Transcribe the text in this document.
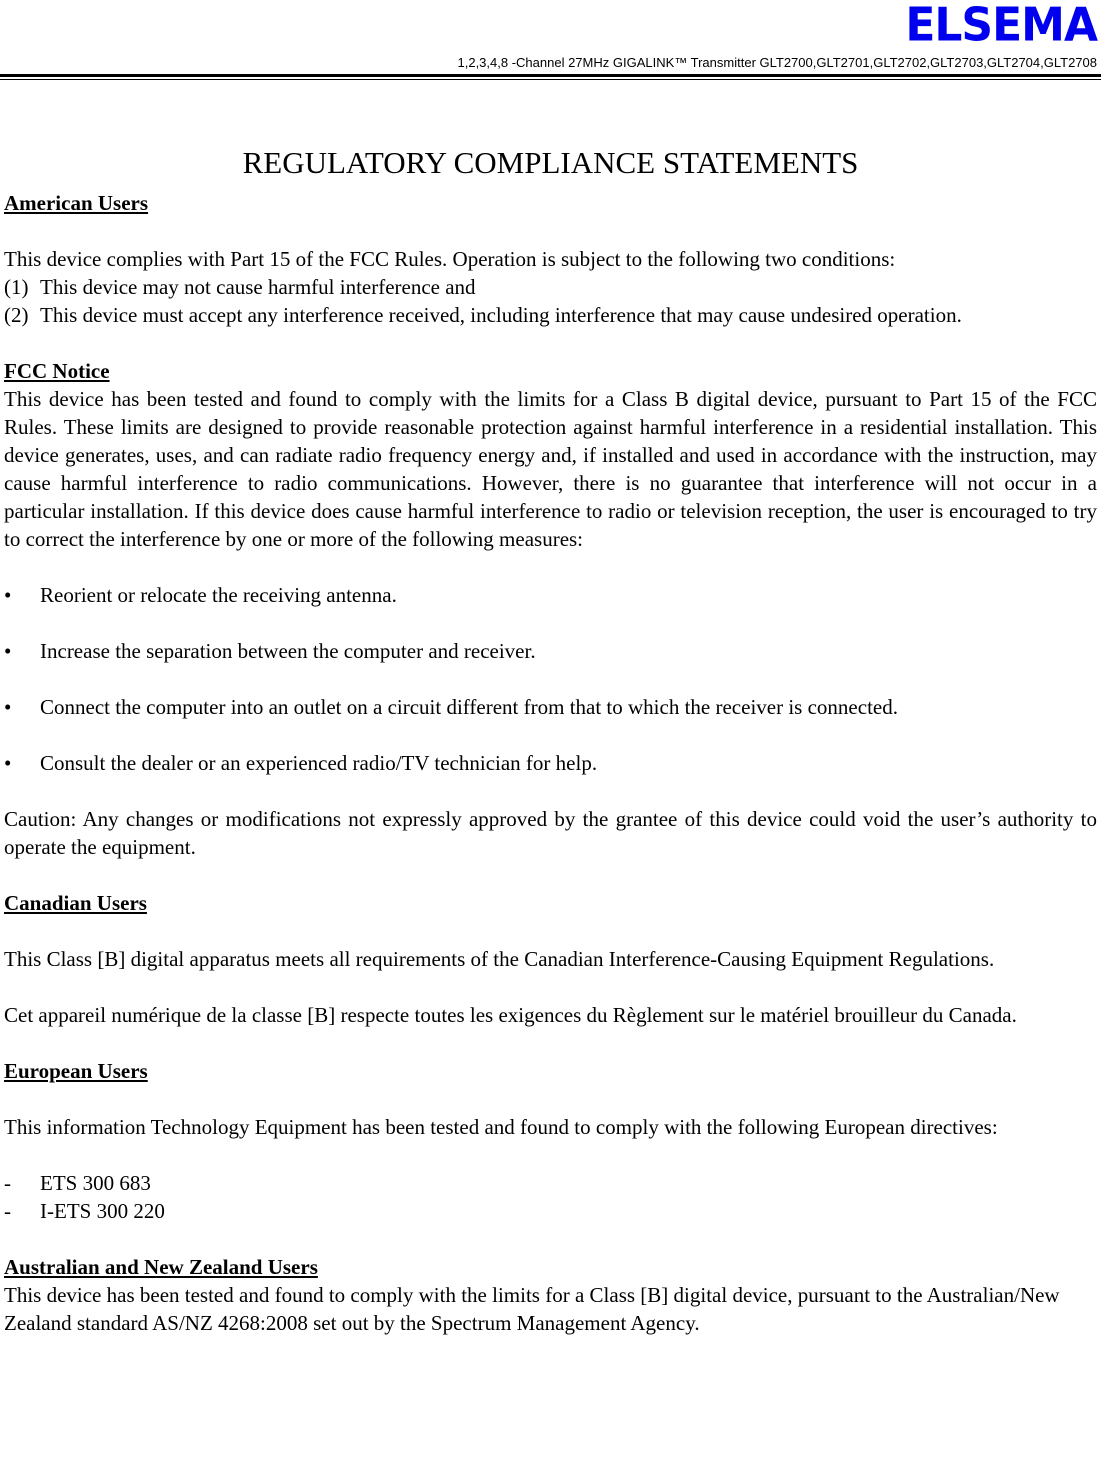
ELSEMA
1,2,3,4,8 -Channel 27MHz GIGALINK™ Transmitter GLT2700,GLT2701,GLT2702,GLT2703,GLT2704,GLT2708
REGULATORY COMPLIANCE STATEMENTS

American Users

This device complies with Part 15 of the FCC Rules. Operation is subject to the following two conditions:

(1) This device may not cause harmful interference and
(2) This device must accept any interference received, including interference that may cause undesired operation.

FCC Notice

This device has been tested and found to comply with the limits for a Class B digital device, pursuant to Part 15 of the FCC Rules. These limits are designed to provide reasonable protection against harmful interference in a residential installation. This device generates, uses, and can radiate radio frequency energy and, if installed and used in accordance with the instruction, may cause harmful interference to radio communications. However, there is no guarantee that interference will not occur in a particular installation. If this device does cause harmful interference to radio or television reception, the user is encouraged to try to correct the interference by one or more of the following measures:

•	Reorient or relocate the receiving antenna.
•	Increase the separation between the computer and receiver.
•	Connect the computer into an outlet on a circuit different from that to which the receiver is connected.
•	Consult the dealer or an experienced radio/TV technician for help.

Caution: Any changes or modifications not expressly approved by the grantee of this device could void the user’s authority to operate the equipment.

Canadian Users

This Class [B] digital apparatus meets all requirements of the Canadian Interference-Causing Equipment Regulations.

Cet appareil numérique de la classe [B] respecte toutes les exigences du Règlement sur le matériel brouilleur du Canada.

European Users

This information Technology Equipment has been tested and found to comply with the following European directives:

-	ETS 300 683
-	I-ETS 300 220

Australian and New Zealand Users

This device has been tested and found to comply with the limits for a Class [B] digital device, pursuant to the Australian/New Zealand standard AS/NZ 4268:2008 set out by the Spectrum Management Agency.
